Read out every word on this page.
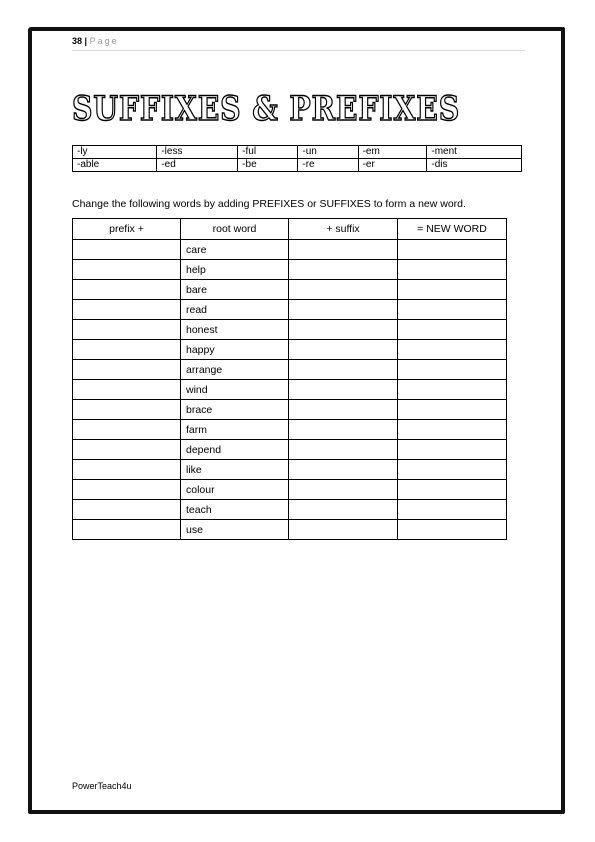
38 | Page
SUFFIXES & PREFIXES
-ly	-less	-ful	-un	-em	-ment
-able	-ed	-be	-re	-er	-dis
Change the following words by adding PREFIXES or SUFFIXES to form a new word.
prefix +	root word	+ suffix	= NEW WORD
	care		
	help		
	bare		
	read		
	honest		
	happy		
	arrange		
	wind		
	brace		
	farm		
	depend		
	like		
	colour		
	teach		
	use		
PowerTeach4u
